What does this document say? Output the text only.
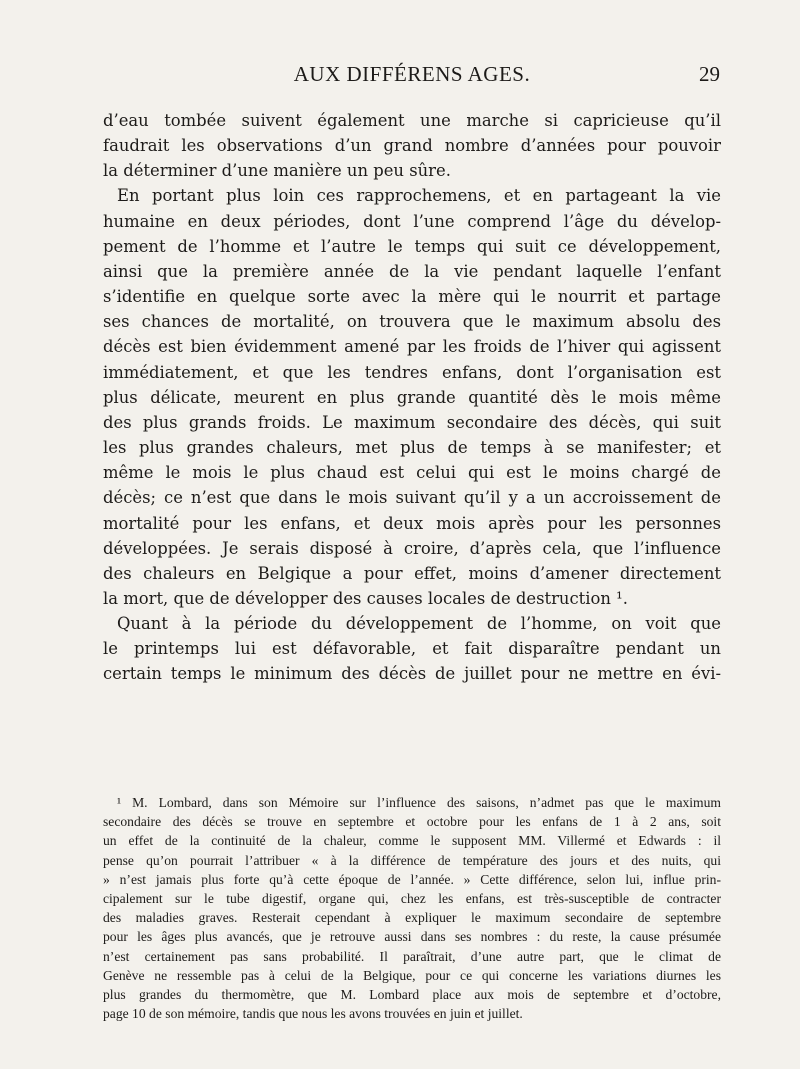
AUX DIFFÉRENS AGES.	29
d’eau tombée suivent également une marche si capricieuse qu’il
faudrait les observations d’un grand nombre d’années pour pouvoir
la déterminer d’une manière un peu sûre.
En portant plus loin ces rapprochemens, et en partageant la vie
humaine en deux périodes, dont l’une comprend l’âge du dévelop-
pement de l’homme et l’autre le temps qui suit ce développement,
ainsi que la première année de la vie pendant laquelle l’enfant
s’identifie en quelque sorte avec la mère qui le nourrit et partage
ses chances de mortalité, on trouvera que le maximum absolu des
décès est bien évidemment amené par les froids de l’hiver qui agissent
immédiatement, et que les tendres enfans, dont l’organisation est
plus délicate, meurent en plus grande quantité dès le mois même
des plus grands froids. Le maximum secondaire des décès, qui suit
les plus grandes chaleurs, met plus de temps à se manifester; et
même le mois le plus chaud est celui qui est le moins chargé de
décès; ce n’est que dans le mois suivant qu’il y a un accroissement de
mortalité pour les enfans, et deux mois après pour les personnes
développées. Je serais disposé à croire, d’après cela, que l’influence
des chaleurs en Belgique a pour effet, moins d’amener directement
la mort, que de développer des causes locales de destruction ¹.
Quant à la période du développement de l’homme, on voit que
le printemps lui est défavorable, et fait disparaître pendant un
certain temps le minimum des décès de juillet pour ne mettre en évi-
¹ M. Lombard, dans son Mémoire sur l’influence des saisons, n’admet pas que le maximum
secondaire des décès se trouve en septembre et octobre pour les enfans de 1 à 2 ans, soit
un effet de la continuité de la chaleur, comme le supposent MM. Villermé et Edwards : il
pense qu’on pourrait l’attribuer « à la différence de température des jours et des nuits, qui
» n’est jamais plus forte qu’à cette époque de l’année. » Cette différence, selon lui, influe prin-
cipalement sur le tube digestif, organe qui, chez les enfans, est très-susceptible de contracter
des maladies graves. Resterait cependant à expliquer le maximum secondaire de septembre
pour les âges plus avancés, que je retrouve aussi dans ses nombres : du reste, la cause présumée
n’est certainement pas sans probabilité. Il paraîtrait, d’une autre part, que le climat de
Genève ne ressemble pas à celui de la Belgique, pour ce qui concerne les variations diurnes les
plus grandes du thermomètre, que M. Lombard place aux mois de septembre et d’octobre,
page 10 de son mémoire, tandis que nous les avons trouvées en juin et juillet.
